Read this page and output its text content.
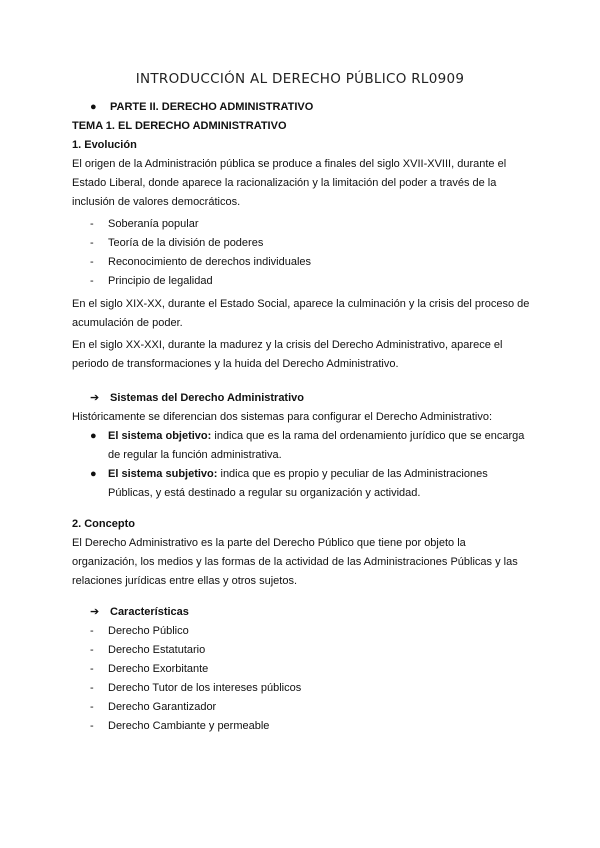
INTRODUCCIÓN AL DERECHO PÚBLICO RL0909
● PARTE II. DERECHO ADMINISTRATIVO
TEMA 1. EL DERECHO ADMINISTRATIVO
1. Evolución

El origen de la Administración pública se produce a finales del siglo XVII-XVIII, durante el Estado Liberal, donde aparece la racionalización y la limitación del poder a través de la inclusión de valores democráticos.

- Soberanía popular
- Teoría de la división de poderes
- Reconocimiento de derechos individuales
- Principio de legalidad

En el siglo XIX-XX, durante el Estado Social, aparece la culminación y la crisis del proceso de acumulación de poder.

En el siglo XX-XXI, durante la madurez y la crisis del Derecho Administrativo, aparece el periodo de transformaciones y la huida del Derecho Administrativo.

➔ Sistemas del Derecho Administrativo

Históricamente se diferencian dos sistemas para configurar el Derecho Administrativo:

● El sistema objetivo: indica que es la rama del ordenamiento jurídico que se encarga de regular la función administrativa.
● El sistema subjetivo: indica que es propio y peculiar de las Administraciones Públicas, y está destinado a regular su organización y actividad.
2. Concepto

El Derecho Administrativo es la parte del Derecho Público que tiene por objeto la organización, los medios y las formas de la actividad de las Administraciones Públicas y las relaciones jurídicas entre ellas y otros sujetos.

➔ Características
- Derecho Público
- Derecho Estatutario
- Derecho Exorbitante
- Derecho Tutor de los intereses públicos
- Derecho Garantizador
- Derecho Cambiante y permeable
